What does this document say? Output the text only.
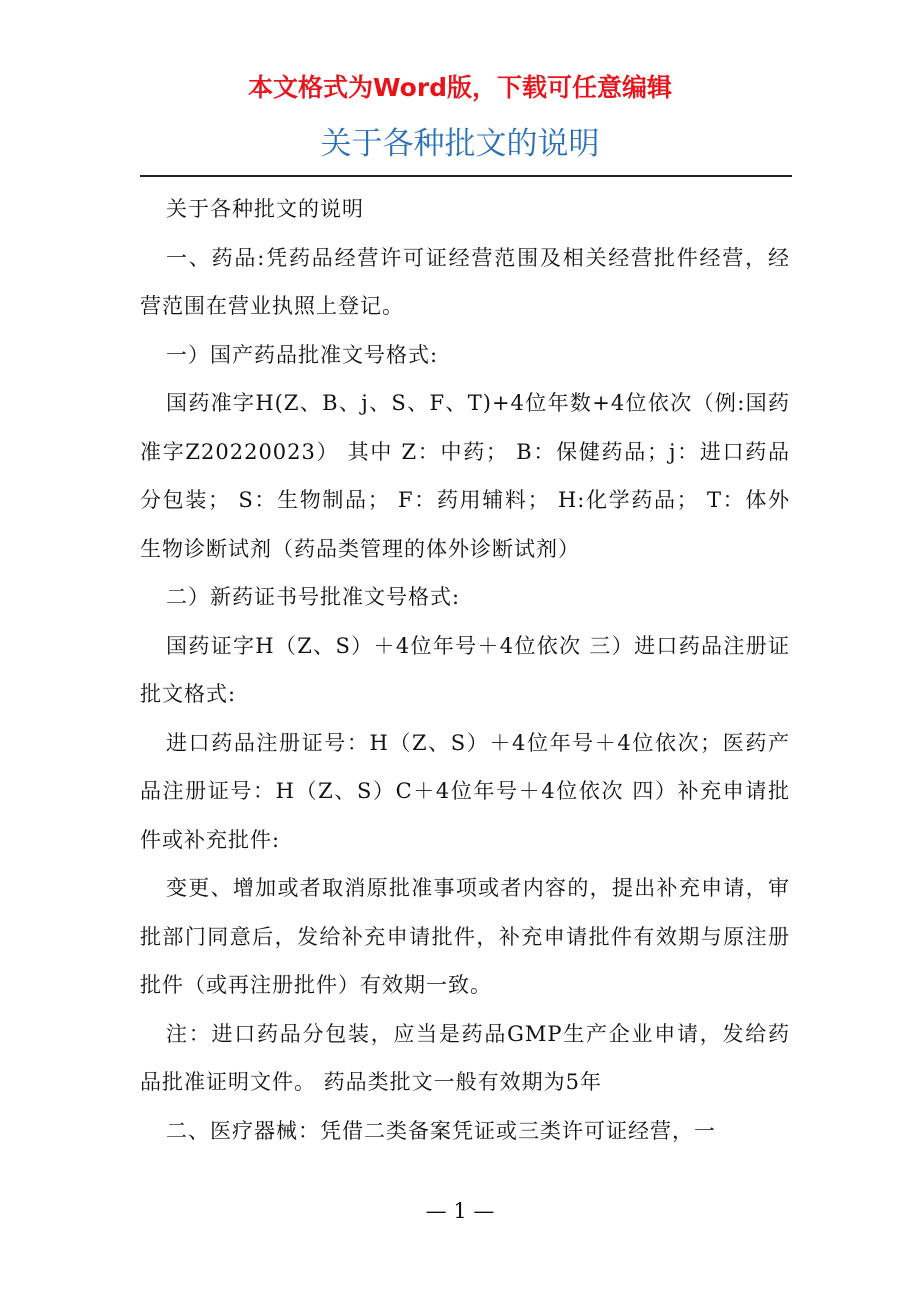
本文格式为Word版，下载可任意编辑
关于各种批文的说明

关于各种批文的说明

一、药品:凭药品经营许可证经营范围及相关经营批件经营，经营范围在营业执照上登记。

一）国产药品批准文号格式:

国药准字H(Z、B、j、S、F、T)+4位年数+4位依次（例:国药准字Z20220023） 其中 Z：中药； B：保健药品；j：进口药品分包装； S：生物制品； F：药用辅料； H:化学药品； T：体外生物诊断试剂（药品类管理的体外诊断试剂）

二）新药证书号批准文号格式:

国药证字H（Z、S）＋4位年号＋4位依次 三）进口药品注册证批文格式:

进口药品注册证号：H（Z、S）＋4位年号＋4位依次；医药产品注册证号：H（Z、S）C＋4位年号＋4位依次 四）补充申请批件或补充批件:

变更、增加或者取消原批准事项或者内容的，提出补充申请，审批部门同意后，发给补充申请批件，补充申请批件有效期与原注册批件（或再注册批件）有效期一致。

注：进口药品分包装，应当是药品GMP生产企业申请，发给药品批准证明文件。 药品类批文一般有效期为5年

二、医疗器械：凭借二类备案凭证或三类许可证经营，一

— 1 —
